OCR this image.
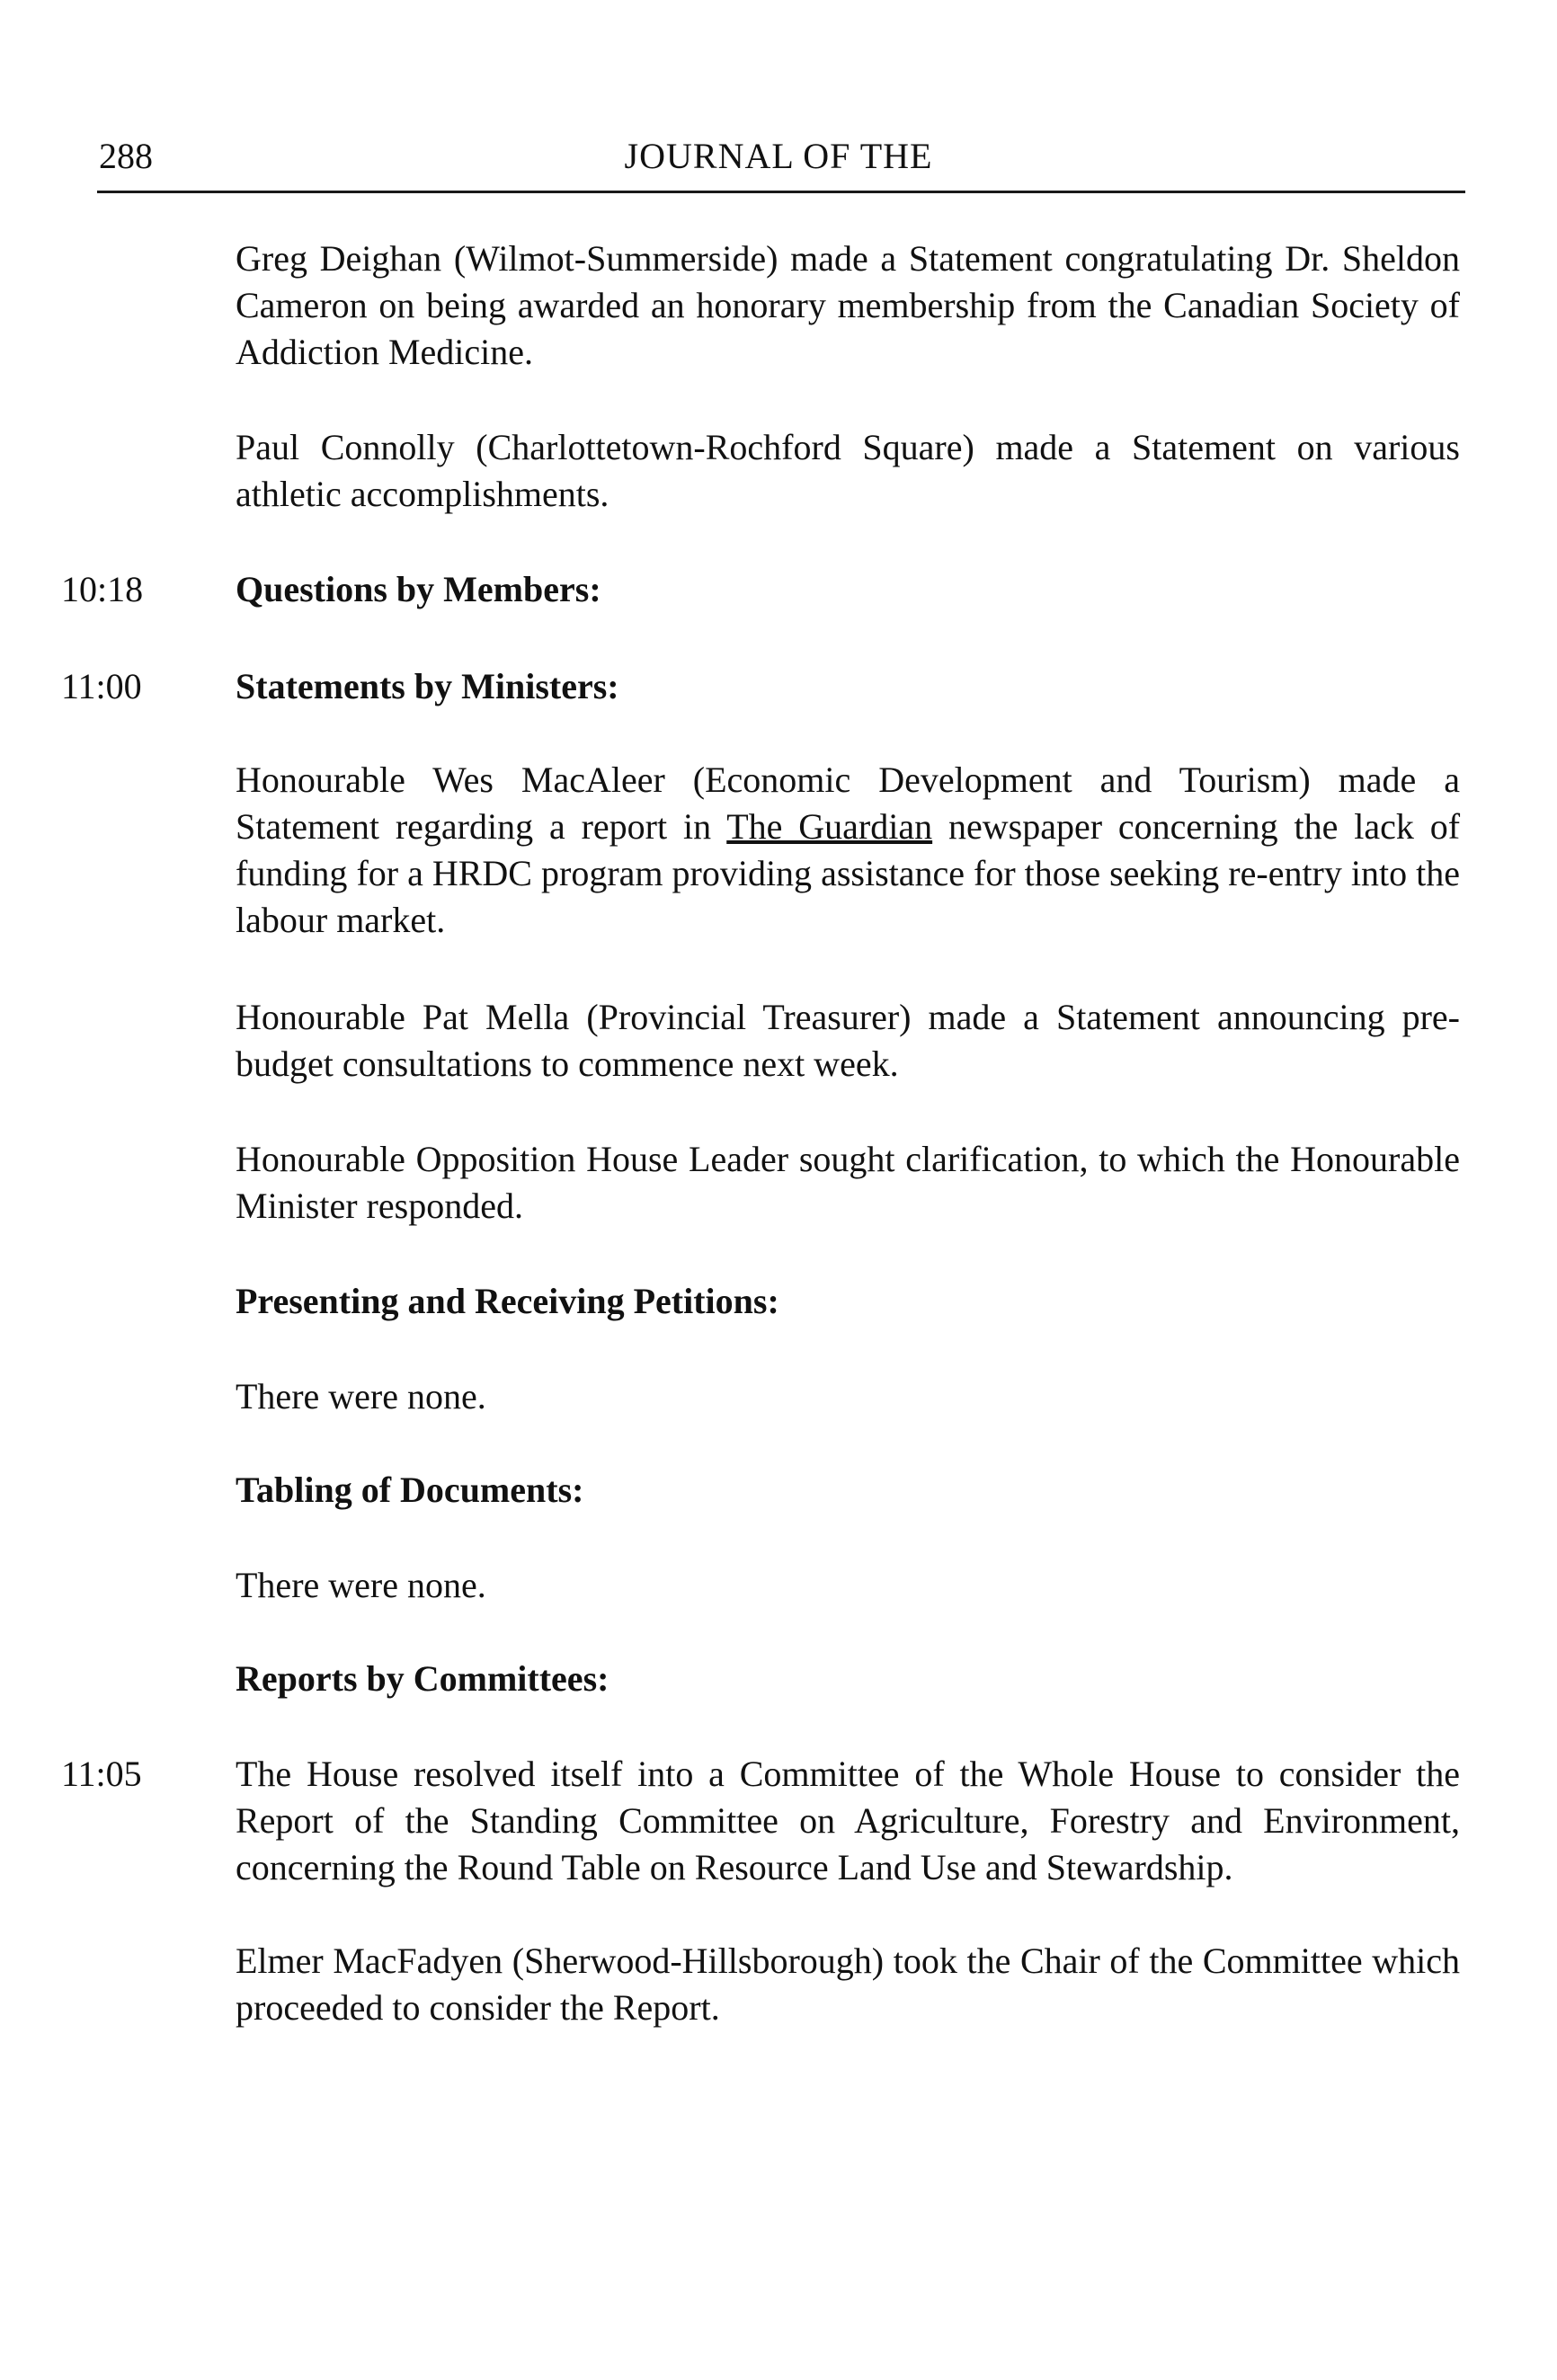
288	JOURNAL OF THE
Greg Deighan (Wilmot-Summerside) made a Statement congratulating Dr. Sheldon Cameron on being awarded an honorary membership from the Canadian Society of Addiction Medicine.
Paul Connolly (Charlottetown-Rochford Square) made a Statement on various athletic accomplishments.
10:18	Questions by Members:
11:00	Statements by Ministers:
Honourable Wes MacAleer (Economic Development and Tourism) made a Statement regarding a report in The Guardian newspaper concerning the lack of funding for a HRDC program providing assistance for those seeking re-entry into the labour market.
Honourable Pat Mella (Provincial Treasurer) made a Statement announcing pre-budget consultations to commence next week.
Honourable Opposition House Leader sought clarification, to which the Honourable Minister responded.
Presenting and Receiving Petitions:
There were none.
Tabling of Documents:
There were none.
Reports by Committees:
11:05	The House resolved itself into a Committee of the Whole House to consider the Report of the Standing Committee on Agriculture, Forestry and Environment, concerning the Round Table on Resource Land Use and Stewardship.
Elmer MacFadyen (Sherwood-Hillsborough) took the Chair of the Committee which proceeded to consider the Report.
